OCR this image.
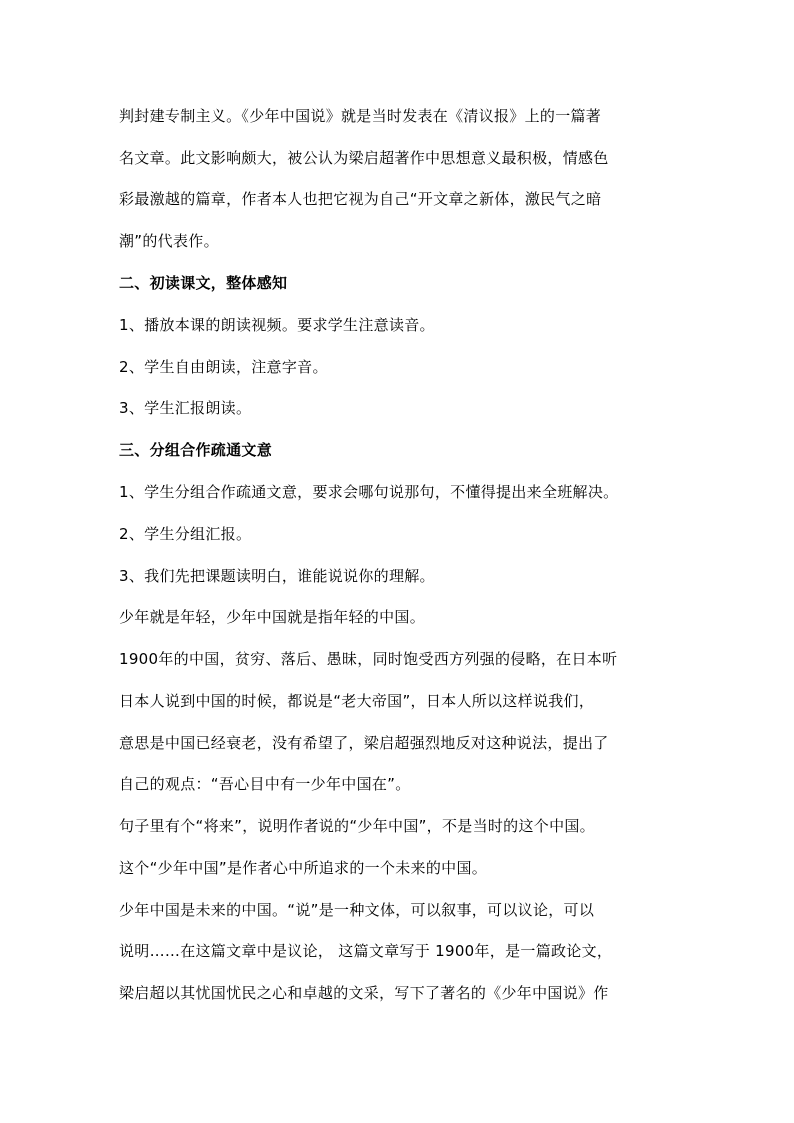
判封建专制主义。《少年中国说》就是当时发表在《清议报》上的一篇著
名文章。此文影响颇大，被公认为梁启超著作中思想意义最积极，情感色
彩最激越的篇章，作者本人也把它视为自己“开文章之新体，激民气之暗
潮”的代表作。
二、初读课文，整体感知
1、播放本课的朗读视频。要求学生注意读音。
2、学生自由朗读，注意字音。
3、学生汇报朗读。
三、分组合作疏通文意
1、学生分组合作疏通文意，要求会哪句说那句，不懂得提出来全班解决。
2、学生分组汇报。
3、我们先把课题读明白，谁能说说你的理解。
少年就是年轻，少年中国就是指年轻的中国。
1900年的中国，贫穷、落后、愚昧，同时饱受西方列强的侵略，在日本听
日本人说到中国的时候，都说是“老大帝国”，日本人所以这样说我们，
意思是中国已经衰老，没有希望了，梁启超强烈地反对这种说法，提出了
自己的观点：“吾心目中有一少年中国在”。
句子里有个“将来”，说明作者说的“少年中国”，不是当时的这个中国。
这个“少年中国”是作者心中所追求的一个未来的中国。
少年中国是未来的中国。“说”是一种文体，可以叙事，可以议论，可以
说明……在这篇文章中是议论， 这篇文章写于 1900年，是一篇政论文，
梁启超以其忧国忧民之心和卓越的文采，写下了著名的《少年中国说》作
